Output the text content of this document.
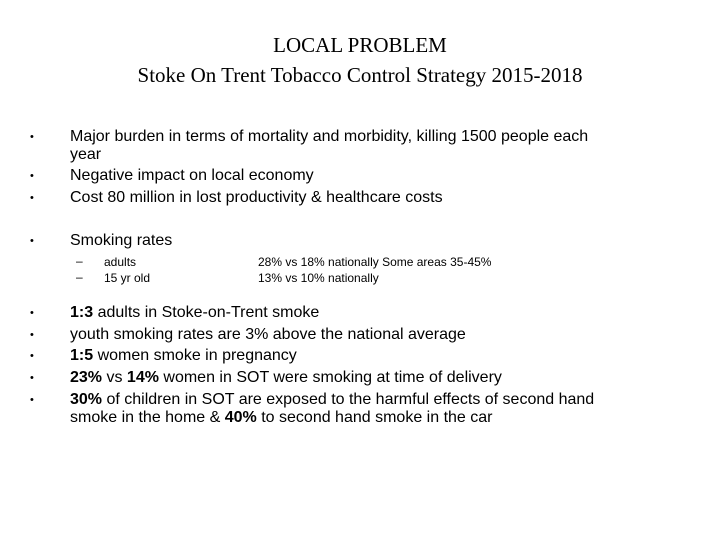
LOCAL PROBLEM
Stoke On Trent Tobacco Control Strategy 2015-2018
• Major burden in terms of mortality and morbidity, killing 1500 people each
year
• Negative impact on local economy
• Cost 80 million in lost productivity & healthcare costs
• Smoking rates
– adults	28% vs 18% nationally Some areas 35-45%
– 15 yr old	13% vs 10% nationally
• 1:3 adults in Stoke-on-Trent smoke
• youth smoking rates are 3% above the national average
• 1:5 women smoke in pregnancy
• 23% vs 14% women in SOT were smoking at time of delivery
• 30% of children in SOT are exposed to the harmful effects of second hand
smoke in the home & 40% to second hand smoke in the car
